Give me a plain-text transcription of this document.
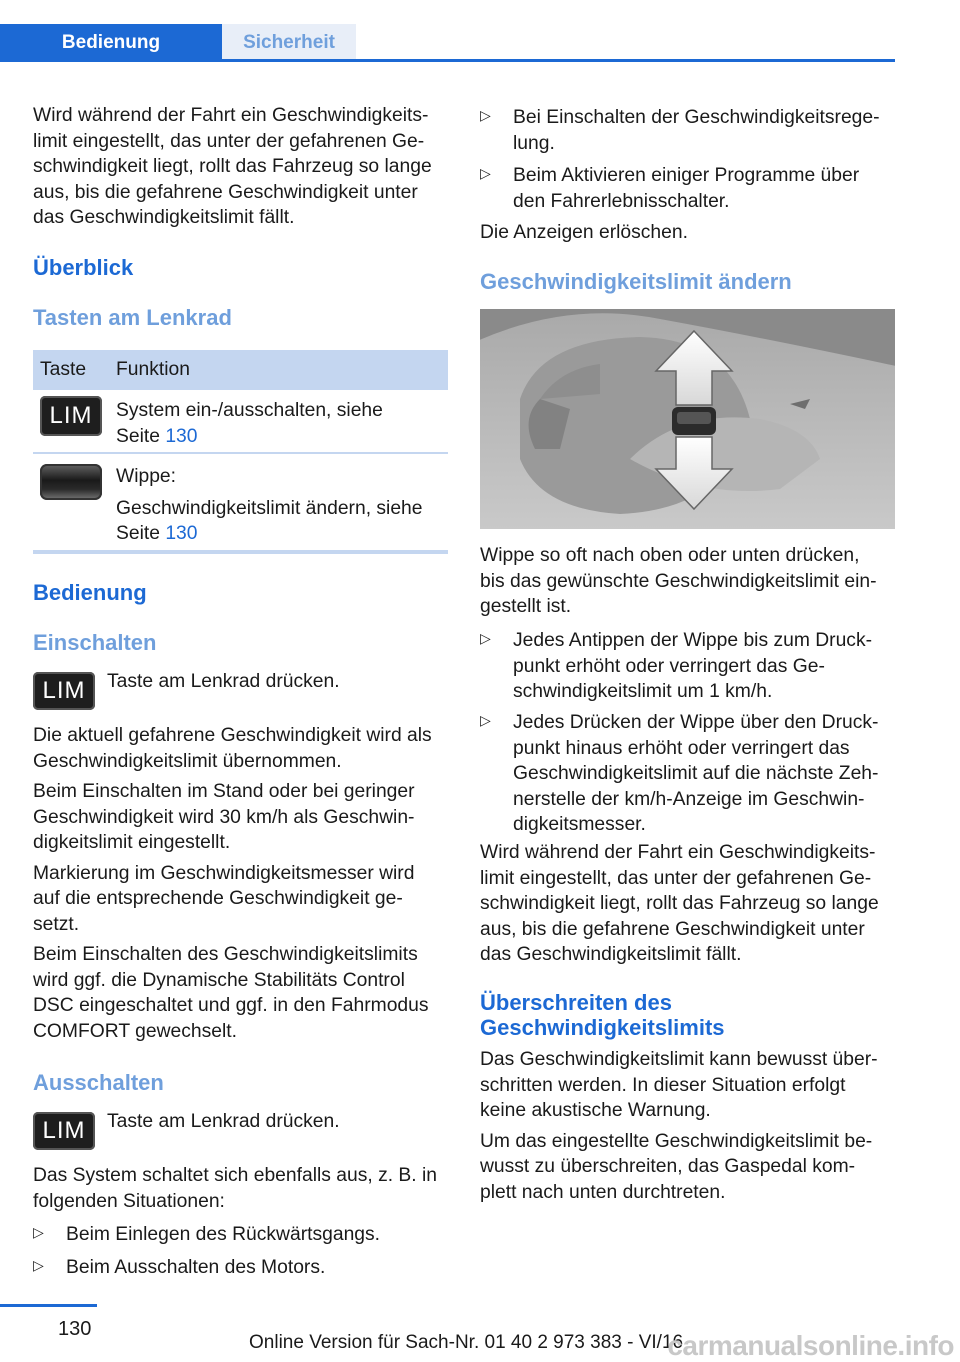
Bedienung	Sicherheit

Wird während der Fahrt ein Geschwindigkeits-

limit eingestellt, das unter der gefahrenen Ge-

schwindigkeit liegt, rollt das Fahrzeug so lange

aus, bis die gefahrene Geschwindigkeit unter

das Geschwindigkeitslimit fällt.

Überblick
Tasten am Lenkrad
Taste Funktion
LIM	System ein-/ausschalten, siehe

Seite 130

Wippe:

Geschwindigkeitslimit ändern, siehe

Seite 130

Bedienung
Einschalten
LIM	Taste am Lenkrad drücken.

Die aktuell gefahrene Geschwindigkeit wird als

Geschwindigkeitslimit übernommen.

Beim Einschalten im Stand oder bei geringer

Geschwindigkeit wird 30 km/h als Geschwin-

digkeitslimit eingestellt.

Markierung im Geschwindigkeitsmesser wird

auf die entsprechende Geschwindigkeit ge-

setzt.

Beim Einschalten des Geschwindigkeitslimits

wird ggf. die Dynamische Stabilitäts Control

DSC eingeschaltet und ggf. in den Fahrmodus

COMFORT gewechselt.

Ausschalten
LIM	Taste am Lenkrad drücken.

Das System schaltet sich ebenfalls aus, z. B. in

folgenden Situationen:

▷ Beim Einlegen des Rückwärtsgangs.

▷ Beim Ausschalten des Motors.

▷ Bei Einschalten der Geschwindigkeitsrege-

lung.

▷ Beim Aktivieren einiger Programme über

den Fahrerlebnisschalter.

Die Anzeigen erlöschen.

Geschwindigkeitslimit ändern

Wippe so oft nach oben oder unten drücken,

bis das gewünschte Geschwindigkeitslimit ein-

gestellt ist.

▷ Jedes Antippen der Wippe bis zum Druck-

punkt erhöht oder verringert das Ge-

schwindigkeitslimit um 1 km/h.

▷ Jedes Drücken der Wippe über den Druck-

punkt hinaus erhöht oder verringert das

Geschwindigkeitslimit auf die nächste Zeh-

nerstelle der km/h-Anzeige im Geschwin-

digkeitsmesser.

Wird während der Fahrt ein Geschwindigkeits-

limit eingestellt, das unter der gefahrenen Ge-

schwindigkeit liegt, rollt das Fahrzeug so lange

aus, bis die gefahrene Geschwindigkeit unter

das Geschwindigkeitslimit fällt.

Überschreiten des
Geschwindigkeitslimits

Das Geschwindigkeitslimit kann bewusst über-

schritten werden. In dieser Situation erfolgt

keine akustische Warnung.

Um das eingestellte Geschwindigkeitslimit be-

wusst zu überschreiten, das Gaspedal kom-

plett nach unten durchtreten.

130
Online Version für Sach-Nr. 01 40 2 973 383 - VI/16
carmanualsonline.info
